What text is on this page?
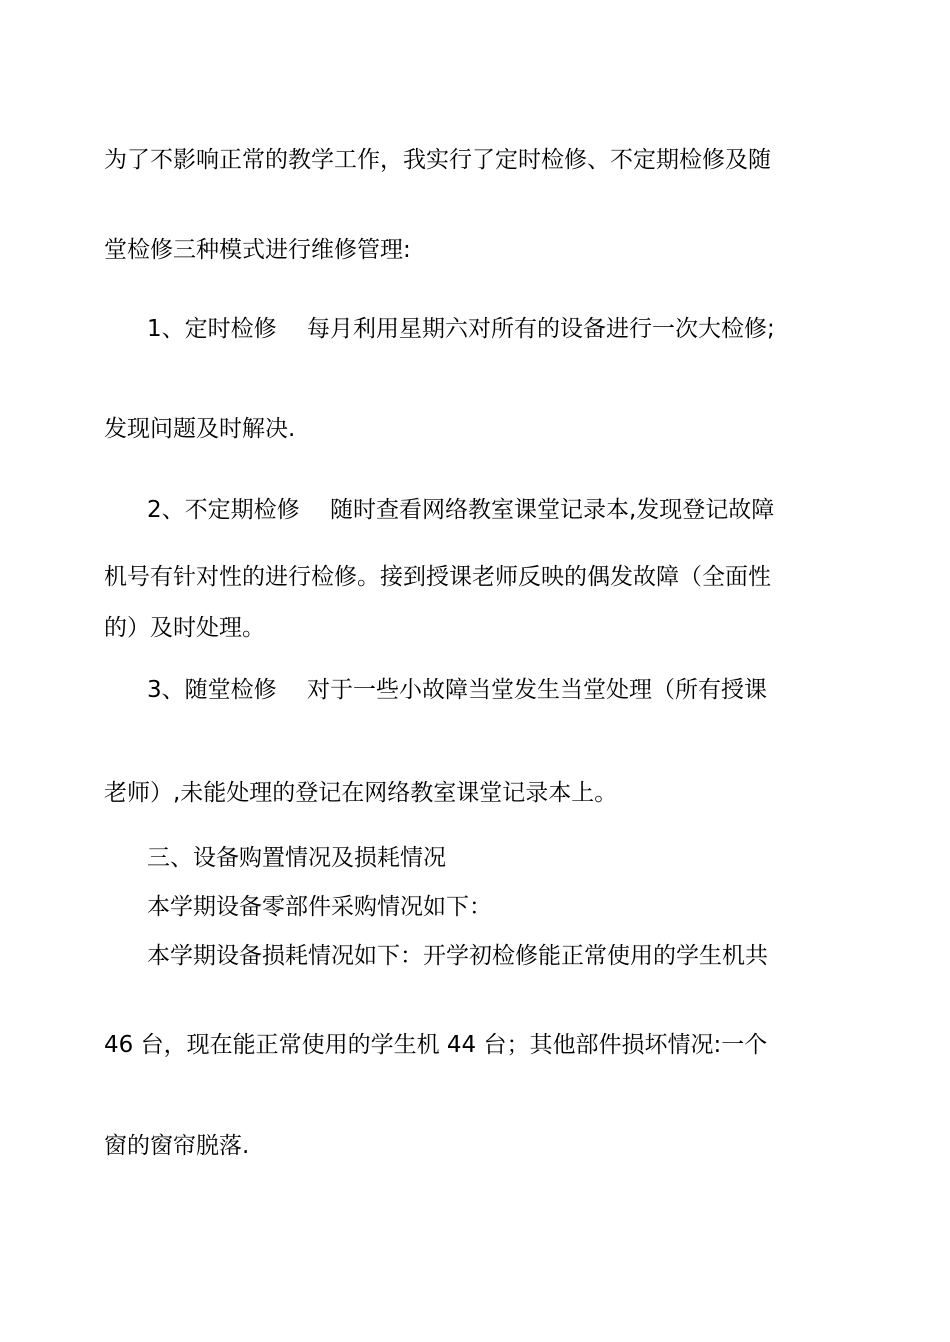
为了不影响正常的教学工作，我实行了定时检修、不定期检修及随
堂检修三种模式进行维修管理:
1、定时检修　 每月利用星期六对所有的设备进行一次大检修;
发现问题及时解决.
2、不定期检修　 随时查看网络教室课堂记录本,发现登记故障
机号有针对性的进行检修。接到授课老师反映的偶发故障（全面性
的）及时处理。
3、随堂检修　 对于一些小故障当堂发生当堂处理（所有授课
老师）,未能处理的登记在网络教室课堂记录本上。
三、设备购置情况及损耗情况
本学期设备零部件采购情况如下：
本学期设备损耗情况如下：开学初检修能正常使用的学生机共
46 台，现在能正常使用的学生机 44 台；其他部件损坏情况:一个
窗的窗帘脱落.
